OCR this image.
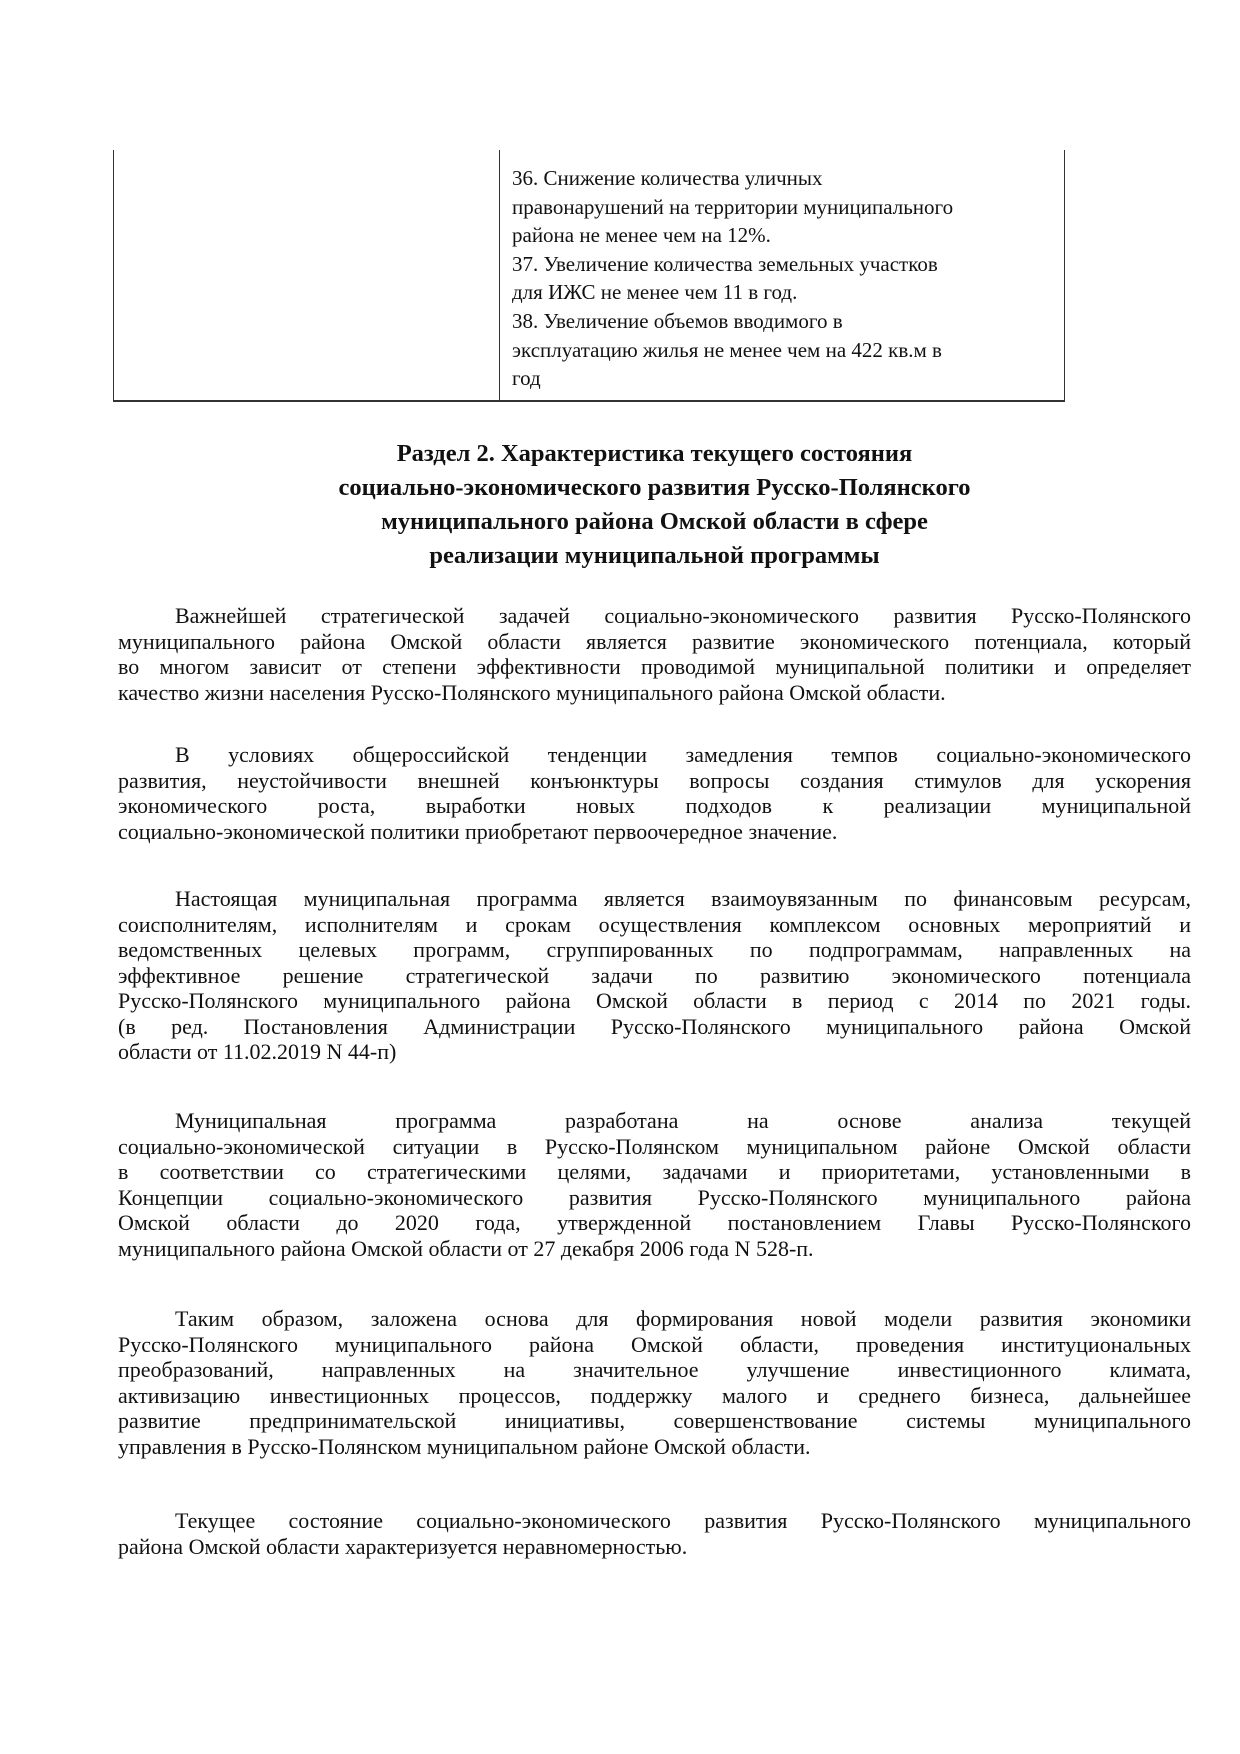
36. Снижение количества уличных
правонарушений на территории муниципального
района не менее чем на 12%.
37. Увеличение количества земельных участков
для ИЖС не менее чем 11 в год.
38. Увеличение объемов вводимого в
эксплуатацию жилья не менее чем на 422 кв.м в
год
Раздел 2. Характеристика текущего состояния
социально-экономического развития Русско-Полянского
муниципального района Омской области в сфере
реализации муниципальной программы
Важнейшей стратегической задачей социально-экономического развития Русско-Полянского
муниципального района Омской области является развитие экономического потенциала, который
во многом зависит от степени эффективности проводимой муниципальной политики и определяет
качество жизни населения Русско-Полянского муниципального района Омской области.
В условиях общероссийской тенденции замедления темпов социально-экономического
развития, неустойчивости внешней конъюнктуры вопросы создания стимулов для ускорения
экономического роста, выработки новых подходов к реализации муниципальной
социально-экономической политики приобретают первоочередное значение.
Настоящая муниципальная программа является взаимоувязанным по финансовым ресурсам,
соисполнителям, исполнителям и срокам осуществления комплексом основных мероприятий и
ведомственных целевых программ, сгруппированных по подпрограммам, направленных на
эффективное решение стратегической задачи по развитию экономического потенциала
Русско-Полянского муниципального района Омской области в период с 2014 по 2021 годы.
(в ред. Постановления Администрации Русско-Полянского муниципального района Омской
области от 11.02.2019 N 44-п)
Муниципальная программа разработана на основе анализа текущей
социально-экономической ситуации в Русско-Полянском муниципальном районе Омской области
в соответствии со стратегическими целями, задачами и приоритетами, установленными в
Концепции социально-экономического развития Русско-Полянского муниципального района
Омской области до 2020 года, утвержденной постановлением Главы Русско-Полянского
муниципального района Омской области от 27 декабря 2006 года N 528-п.
Таким образом, заложена основа для формирования новой модели развития экономики
Русско-Полянского муниципального района Омской области, проведения институциональных
преобразований, направленных на значительное улучшение инвестиционного климата,
активизацию инвестиционных процессов, поддержку малого и среднего бизнеса, дальнейшее
развитие предпринимательской инициативы, совершенствование системы муниципального
управления в Русско-Полянском муниципальном районе Омской области.
Текущее состояние социально-экономического развития Русско-Полянского муниципального
района Омской области характеризуется неравномерностью.
